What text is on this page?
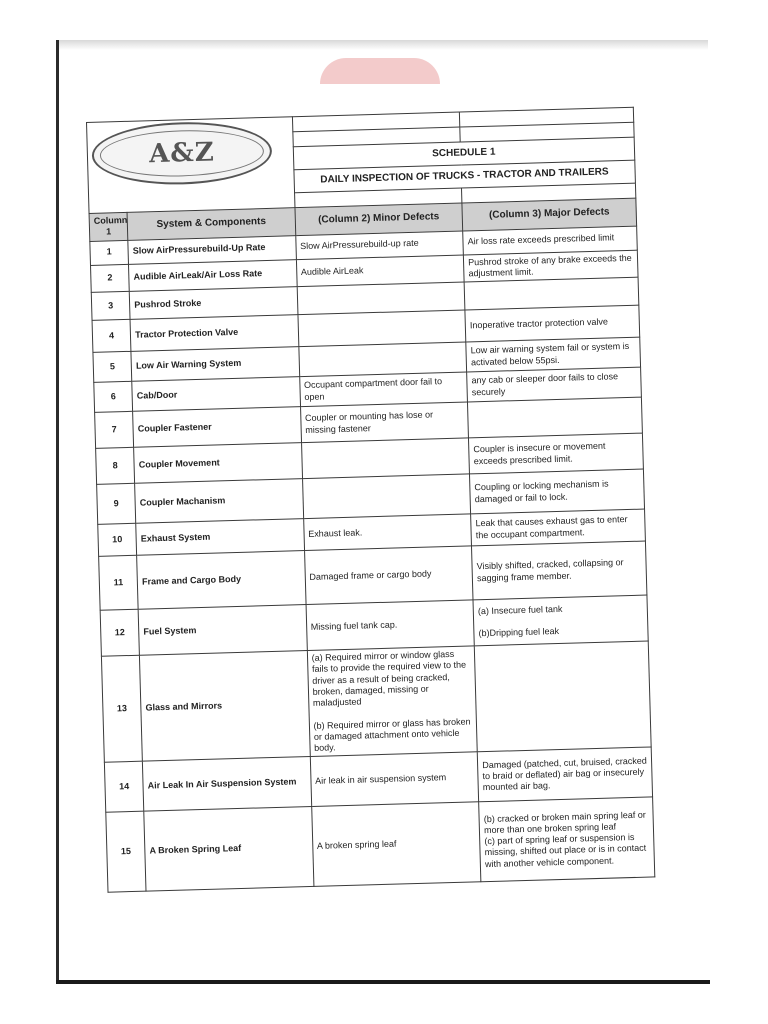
A&Z			

		SCHEDULE 1	
		DAILY INSPECTION OF TRUCKS - TRACTOR AND TRAILERS	

Column 1	System & Components	(Column 2) Minor Defects	(Column 3) Major Defects
1	Slow AirPressurebuild-Up Rate	Slow AirPressurebuild-up rate	Air loss rate exceeds prescribed limit
2	Audible AirLeak/Air Loss Rate	Audible AirLeak	Pushrod stroke of any brake exceeds the adjustment limit.
3	Pushrod Stroke		
4	Tractor Protection Valve		Inoperative tractor protection valve
5	Low Air Warning System		Low air warning system fail or system is activated below 55psi.
6	Cab/Door	Occupant compartment door fail to open	any cab or sleeper door fails to close securely
7	Coupler Fastener	Coupler or mounting has lose or missing fastener	
8	Coupler Movement		Coupler is insecure or movement exceeds prescribed limit.
9	Coupler Machanism		Coupling or locking mechanism is damaged or fail to lock.
10	Exhaust System	Exhaust leak.	Leak that causes exhaust gas to enter the occupant compartment.
11	Frame and Cargo Body	Damaged frame or cargo body	Visibly shifted, cracked, collapsing or sagging frame member.
12	Fuel System	Missing fuel tank cap.	(a) Insecure fuel tank

(b)Dripping fuel leak
13	Glass and Mirrors	(a) Required mirror or window glass fails to provide the required view to the driver as a result of being cracked, broken, damaged, missing or maladjusted

(b) Required mirror or glass has broken or damaged attachment onto vehicle body.	
14	Air Leak In Air Suspension System	Air leak in air suspension system	Damaged (patched, cut, bruised, cracked to braid or deflated) air bag or insecurely mounted air bag.
15	A Broken Spring Leaf	A broken spring leaf	(b) cracked or broken main spring leaf or more than one broken spring leaf
(c) part of spring leaf or suspension is missing, shifted out place or is in contact with another vehicle component.
